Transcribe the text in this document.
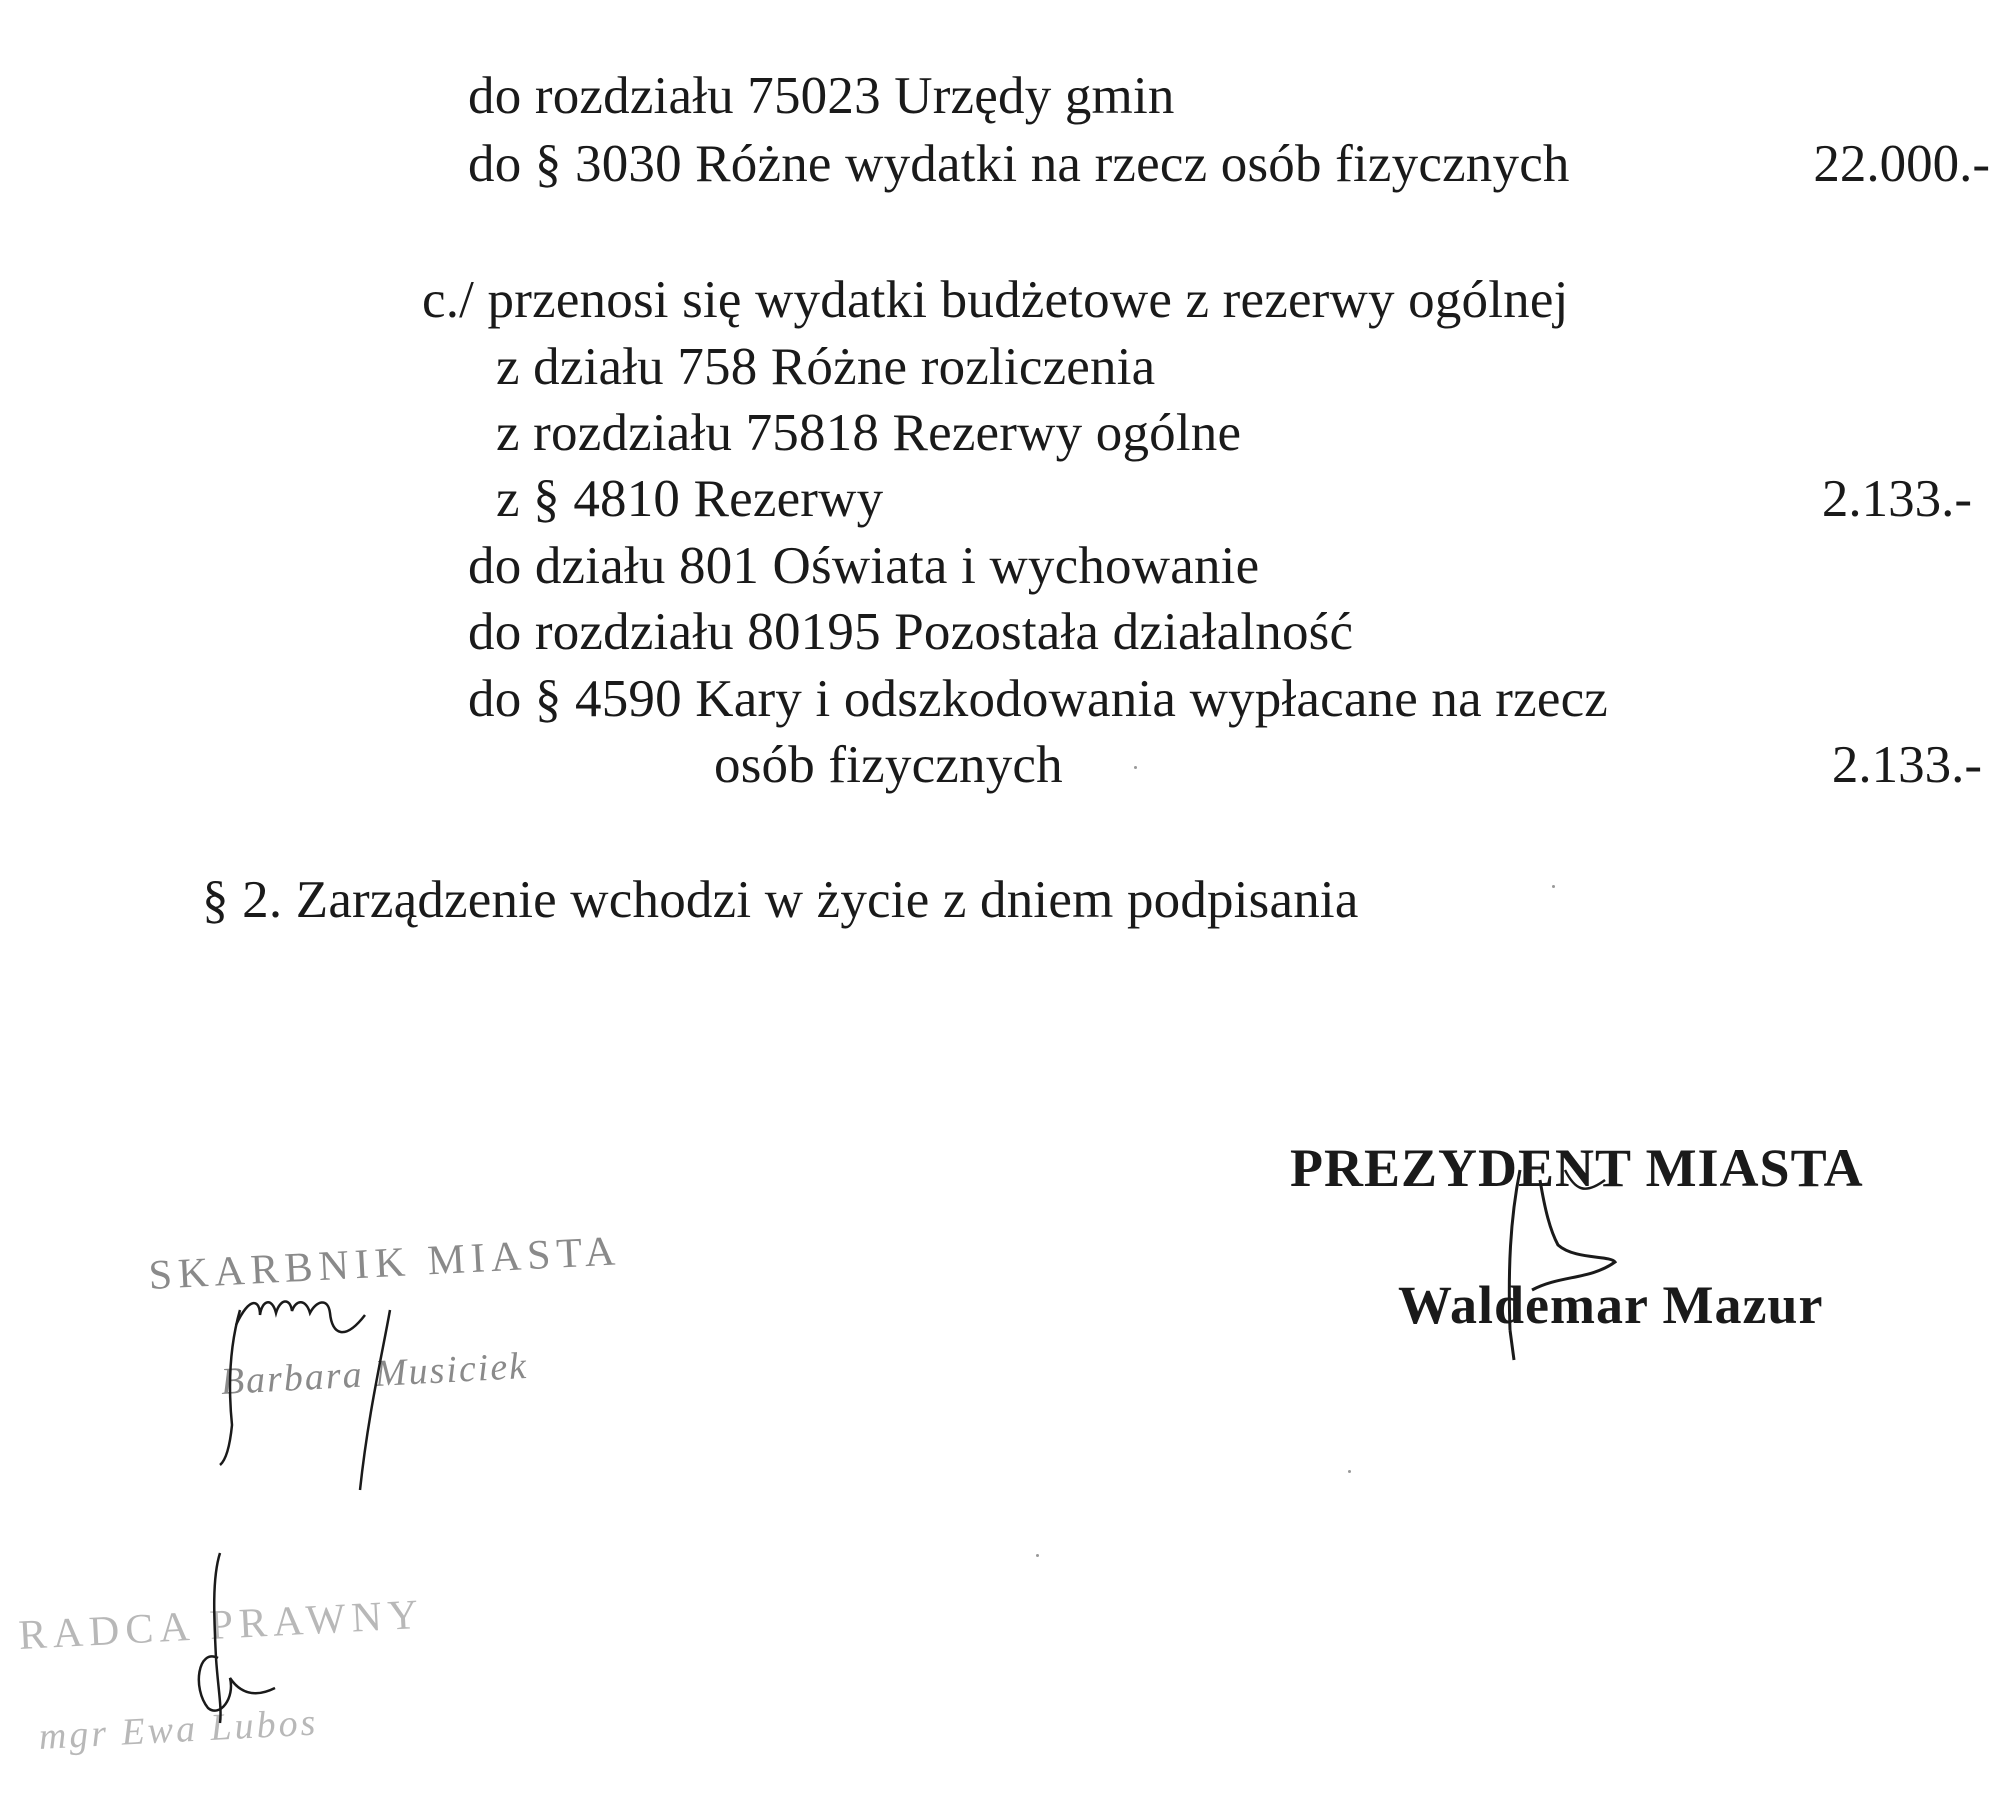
do rozdziału 75023 Urzędy gmin
do § 3030 Różne wydatki na rzecz osób fizycznych	22.000.-
c./ przenosi się wydatki budżetowe z rezerwy ogólnej
z działu 758 Różne rozliczenia
z rozdziału 75818 Rezerwy ogólne
z § 4810 Rezerwy	2.133.-
do działu 801 Oświata i wychowanie
do rozdziału 80195 Pozostała działalność
do § 4590 Kary i odszkodowania wypłacane na rzecz
osób fizycznych	2.133.-
§ 2. Zarządzenie wchodzi w życie z dniem podpisania
PREZYDENT MIASTA
Waldemar Mazur
SKARBNIK MIASTA
Barbara Musiciek
RADCA PRAWNY
mgr Ewa Lubos
